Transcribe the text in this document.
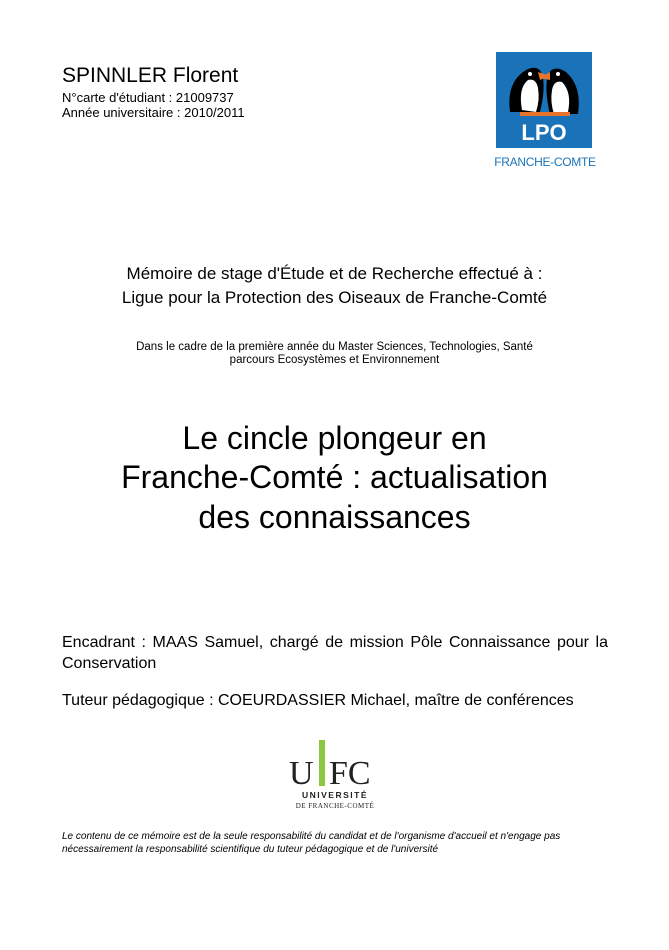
SPINNLER Florent
N°carte d'étudiant : 21009737
Année universitaire : 2010/2011
LPO
FRANCHE-COMTE
Mémoire de stage d'Étude et de Recherche effectué à :
Ligue pour la Protection des Oiseaux de Franche-Comté
Dans le cadre de la première année du Master Sciences, Technologies, Santé
parcours Ecosystèmes et Environnement
Le cincle plongeur en
Franche-Comté : actualisation
des connaissances
Encadrant : MAAS Samuel, chargé de mission Pôle Connaissance pour la Conservation
Tuteur pédagogique : COEURDASSIER Michael, maître de conférences
U FC
UNIVERSITÉ
DE FRANCHE-COMTÉ
Le contenu de ce mémoire est de la seule responsabilité du candidat et de l'organisme d'accueil et n'engage pas nécessairement la responsabilité scientifique du tuteur pédagogique et de l'université
